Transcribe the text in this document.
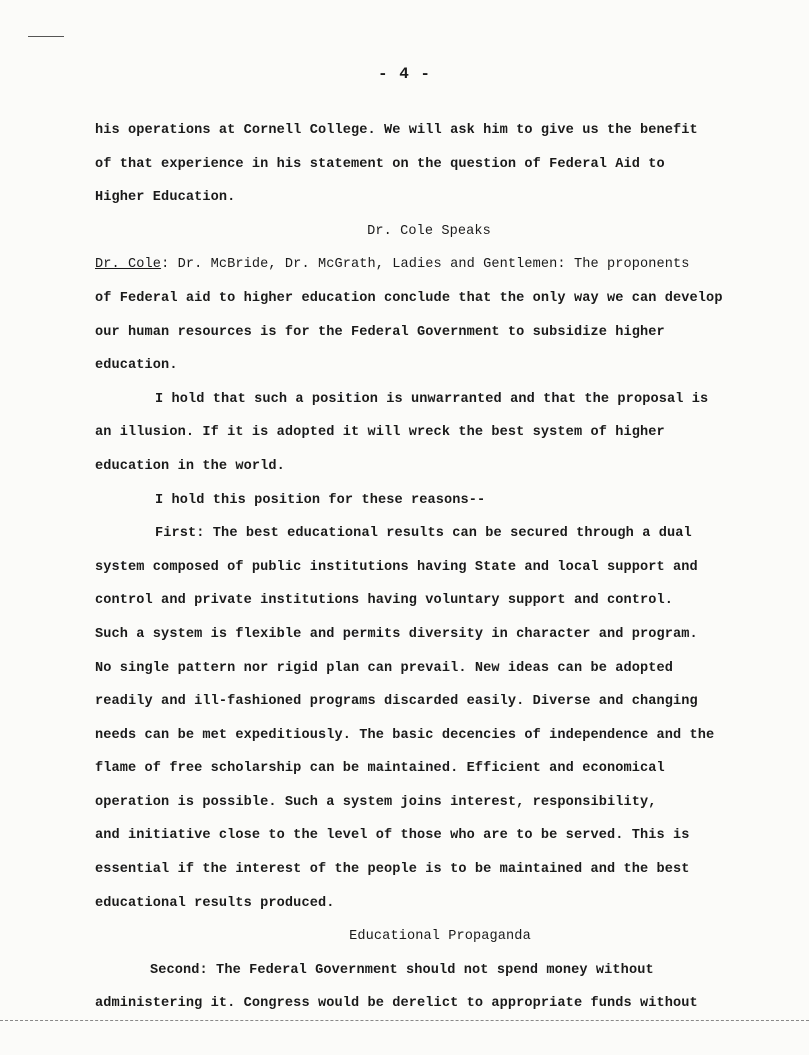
- 4 -
his operations at Cornell College. We will ask him to give us the benefit
of that experience in his statement on the question of Federal Aid to
Higher Education.
Dr. Cole Speaks
Dr. Cole: Dr. McBride, Dr. McGrath, Ladies and Gentlemen: The proponents
of Federal aid to higher education conclude that the only way we can develop
our human resources is for the Federal Government to subsidize higher
education.
I hold that such a position is unwarranted and that the proposal is
an illusion. If it is adopted it will wreck the best system of higher
education in the world.
I hold this position for these reasons--
First: The best educational results can be secured through a dual
system composed of public institutions having State and local support and
control and private institutions having voluntary support and control.
Such a system is flexible and permits diversity in character and program.
No single pattern nor rigid plan can prevail. New ideas can be adopted
readily and ill-fashioned programs discarded easily. Diverse and changing
needs can be met expeditiously. The basic decencies of independence and the
flame of free scholarship can be maintained. Efficient and economical
operation is possible. Such a system joins interest, responsibility,
and initiative close to the level of those who are to be served. This is
essential if the interest of the people is to be maintained and the best
educational results produced.
Educational Propaganda
Second: The Federal Government should not spend money without
administering it. Congress would be derelict to appropriate funds without
